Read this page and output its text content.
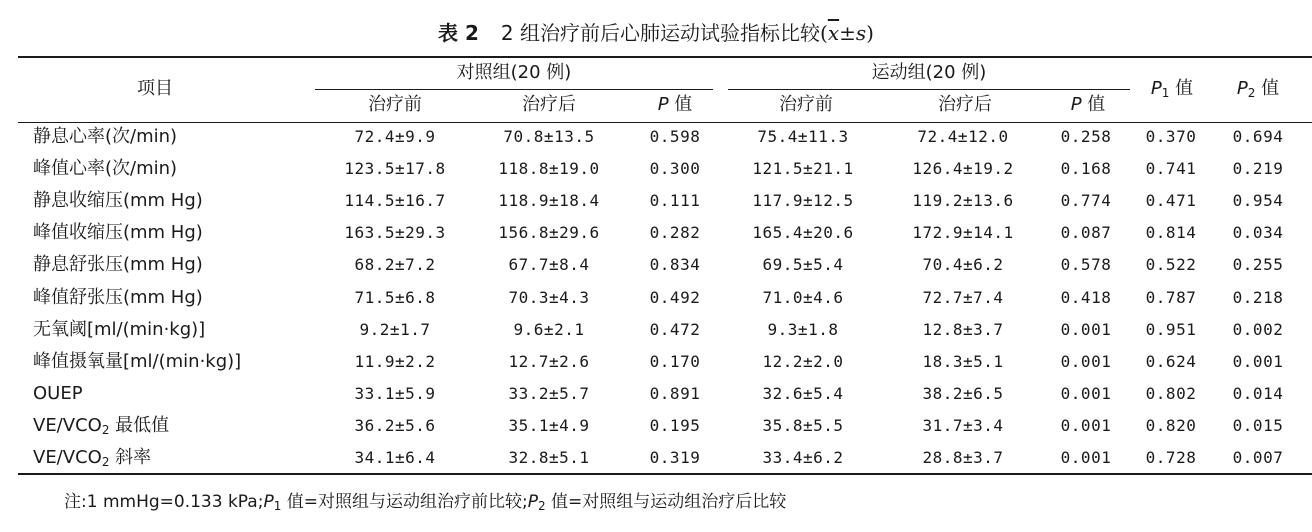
表 2 2 组治疗前后心肺运动试验指标比较$(\overline{x}\pm s)$
项目
对照组(20 例)	运动组(20 例)
治疗前	治疗后	P 值	治疗前	治疗后	P 值
$P_1$ 值 $P_2$ 值
静息心率(次/min)	72.4±9.9	70.8±13.5	0.598	75.4±11.3	72.4±12.0	0.258 0.370 0.694
峰值心率(次/min)	123.5±17.8	118.8±19.0	0.300	121.5±21.1	126.4±19.2	0.168 0.741 0.219
静息收缩压(mm Hg)	114.5±16.7	118.9±18.4	0.111	117.9±12.5	119.2±13.6	0.774 0.471 0.954
峰值收缩压(mm Hg)	163.5±29.3	156.8±29.6	0.282	165.4±20.6	172.9±14.1	0.087 0.814 0.034
静息舒张压(mm Hg)	68.2±7.2	67.7±8.4	0.834	69.5±5.4	70.4±6.2	0.578 0.522 0.255
峰值舒张压(mm Hg)	71.5±6.8	70.3±4.3	0.492	71.0±4.6	72.7±7.4	0.418 0.787 0.218
无氧阈[ml/(min·kg)]	9.2±1.7	9.6±2.1	0.472	9.3±1.8	12.8±3.7	0.001 0.951 0.002
峰值摄氧量[ml/(min·kg)]	11.9±2.2	12.7±2.6	0.170	12.2±2.0	18.3±5.1	0.001 0.624 0.001
OUEP	33.1±5.9	33.2±5.7	0.891	32.6±5.4	38.2±6.5	0.001 0.802 0.014
$VE/VCO_2$ 最低值	36.2±5.6	35.1±4.9	0.195	35.8±5.5	31.7±3.4	0.001 0.820 0.015
$VE/VCO_2$ 斜率	34.1±6.4	32.8±5.1	0.319	33.4±6.2	28.8±3.7	0.001 0.728 0.007
注:1 mmHg=0.133 $kPa;P_1$ 值=对照组与运动组治疗前比较$;P_2$ 值=对照组与运动组治疗后比较
